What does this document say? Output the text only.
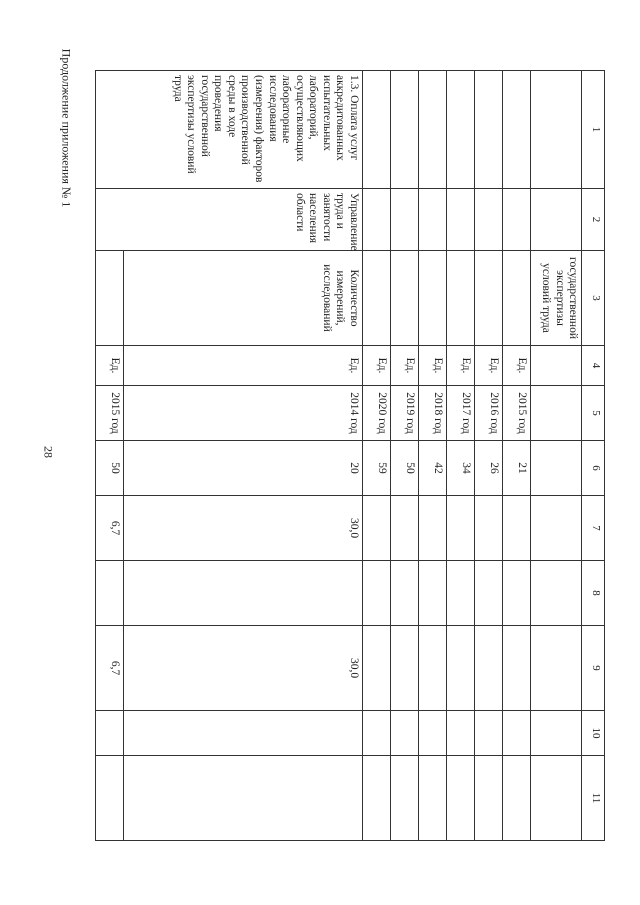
28
Продолжение приложения № 1	1	2	3	4	5	6	7	8	9	10	11
		государственной экспертизы условий труда								
			Ед.	2015 год	21					
			Ед.	2016 год	26					
			Ед.	2017 год	34					
			Ед.	2018 год	42					
			Ед.	2019 год	50					
			Ед.	2020 год	59					
1.3. Оплата услуг аккредитованных испытательных лабораторий, осуществляющих лабораторные исследования (измерения) факторов производственной среды в ходе проведения государственной экспертизы условий труда	Управление труда и занятости населения области	Количество измерений, исследований	Ед.	2014 год	20	30,0		30,0		
			Ед.	2015 год	50	6,7		6,7		
